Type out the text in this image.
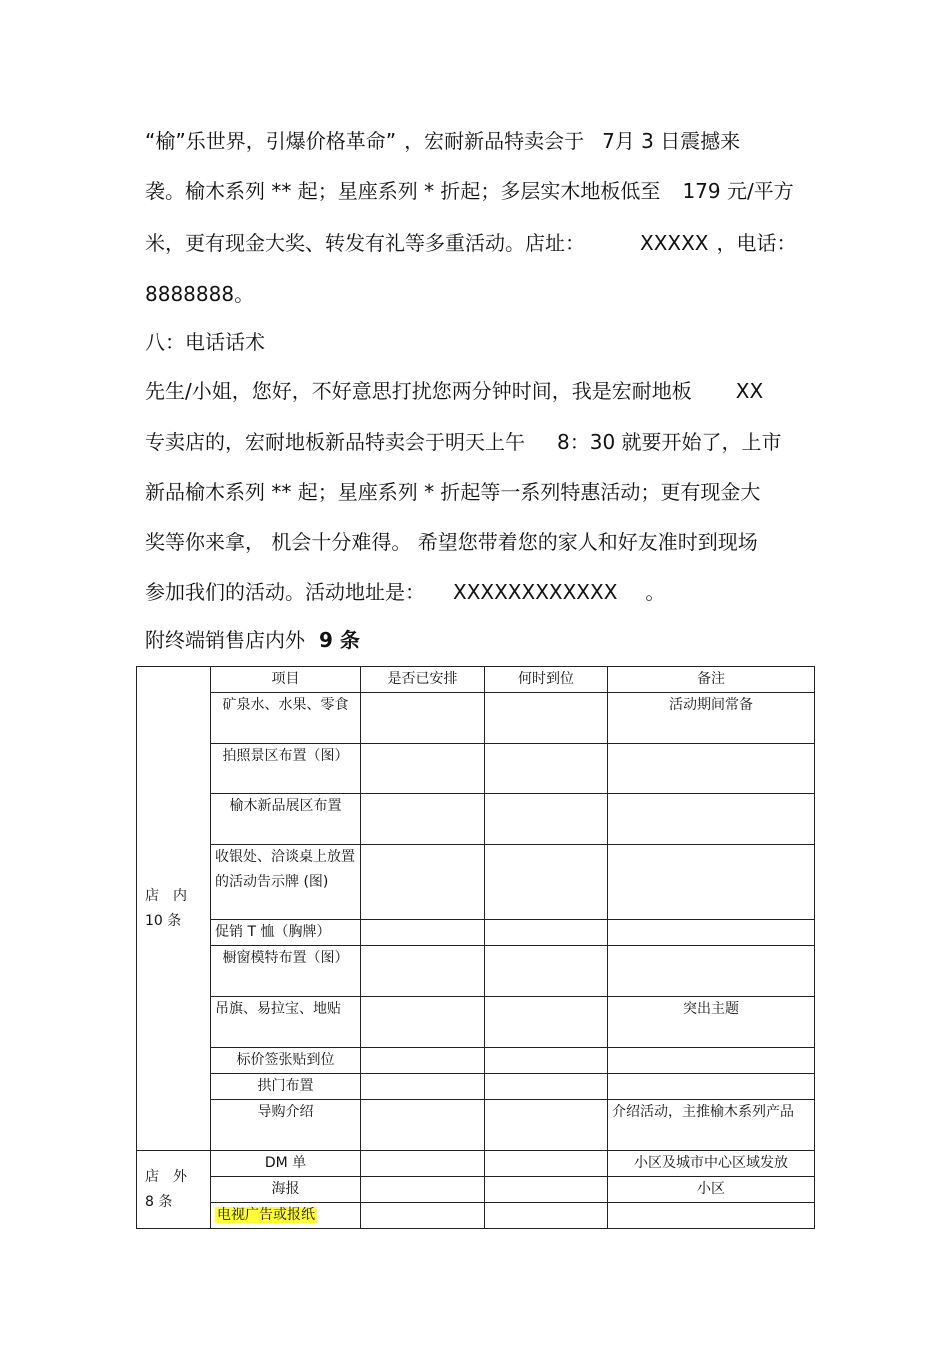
“榆”乐世界，引爆价格革命” ，宏耐新品特卖会于 7月 3 日震撼来
袭。榆木系列 ** 起；星座系列 * 折起；多层实木地板低至 179 元/平方
米，更有现金大奖、转发有礼等多重活动。店址：	XXXXX ，电话：
8888888。
八：电话话术
先生/小姐，您好，不好意思打扰您两分钟时间，我是宏耐地板 XX
专卖店的，宏耐地板新品特卖会于明天上午 8：30 就要开始了，上市
新品榆木系列 ** 起；星座系列 * 折起等一系列特惠活动；更有现金大
奖等你来拿， 机会十分难得。 希望您带着您的家人和好友准时到现场
参加我们的活动。活动地址是： XXXXXXXXXXXX 。
附终端销售店内外 9 条
店　内
10 条	项目	是否已安排	何时到位	备注
	矿泉水、水果、零食			活动期间常备
	拍照景区布置（图）			
	榆木新品展区布置			
	收银处、洽谈桌上放置的活动告示牌 (图)			
	促销 T 恤（胸牌）			
	橱窗模特布置（图）			
	吊旗、易拉宝、地贴			突出主题
	标价签张贴到位			
	拱门布置			
	导购介绍			介绍活动，主推榆木系列产品

店　外
8 条	DM 单			小区及城市中心区域发放
	海报			小区
	电视广告或报纸			
